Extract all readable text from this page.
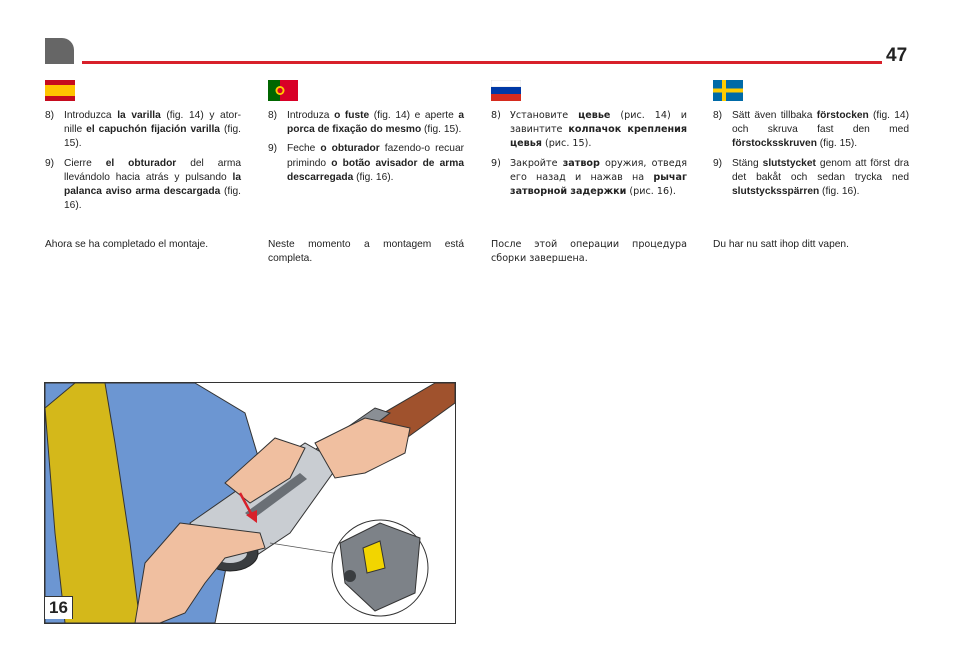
47
8) Introduzca la varilla (fig. 14) y ator-nille el capuchón fijación varilla (fig. 15).
9) Cierre el obturador del arma llevándolo hacia atrás y pulsando la palanca aviso arma descargada (fig. 16).
Ahora se ha completado el montaje.
8) Introduza o fuste (fig. 14) e aperte a porca de fixação do mesmo (fig. 15).
9) Feche o obturador fazendo-o recuar primindo o botão avisador de arma descarregada (fig. 16).
Neste momento a montagem está completa.
8) Установите цевье (рис. 14) и завинтите колпачок крепления цевья (рис. 15).
9) Закройте затвор оружия, отведя его назад и нажав на рычаг затворной задержки (рис. 16).
После этой операции процедура сборки завершена.
8) Sätt även tillbaka förstocken (fig. 14) och skruva fast den med förstocksskruven (fig. 15).
9) Stäng slutstycket genom att först dra det bakåt och sedan trycka ned slutstycksspärren (fig. 16).
Du har nu satt ihop ditt vapen.
16
